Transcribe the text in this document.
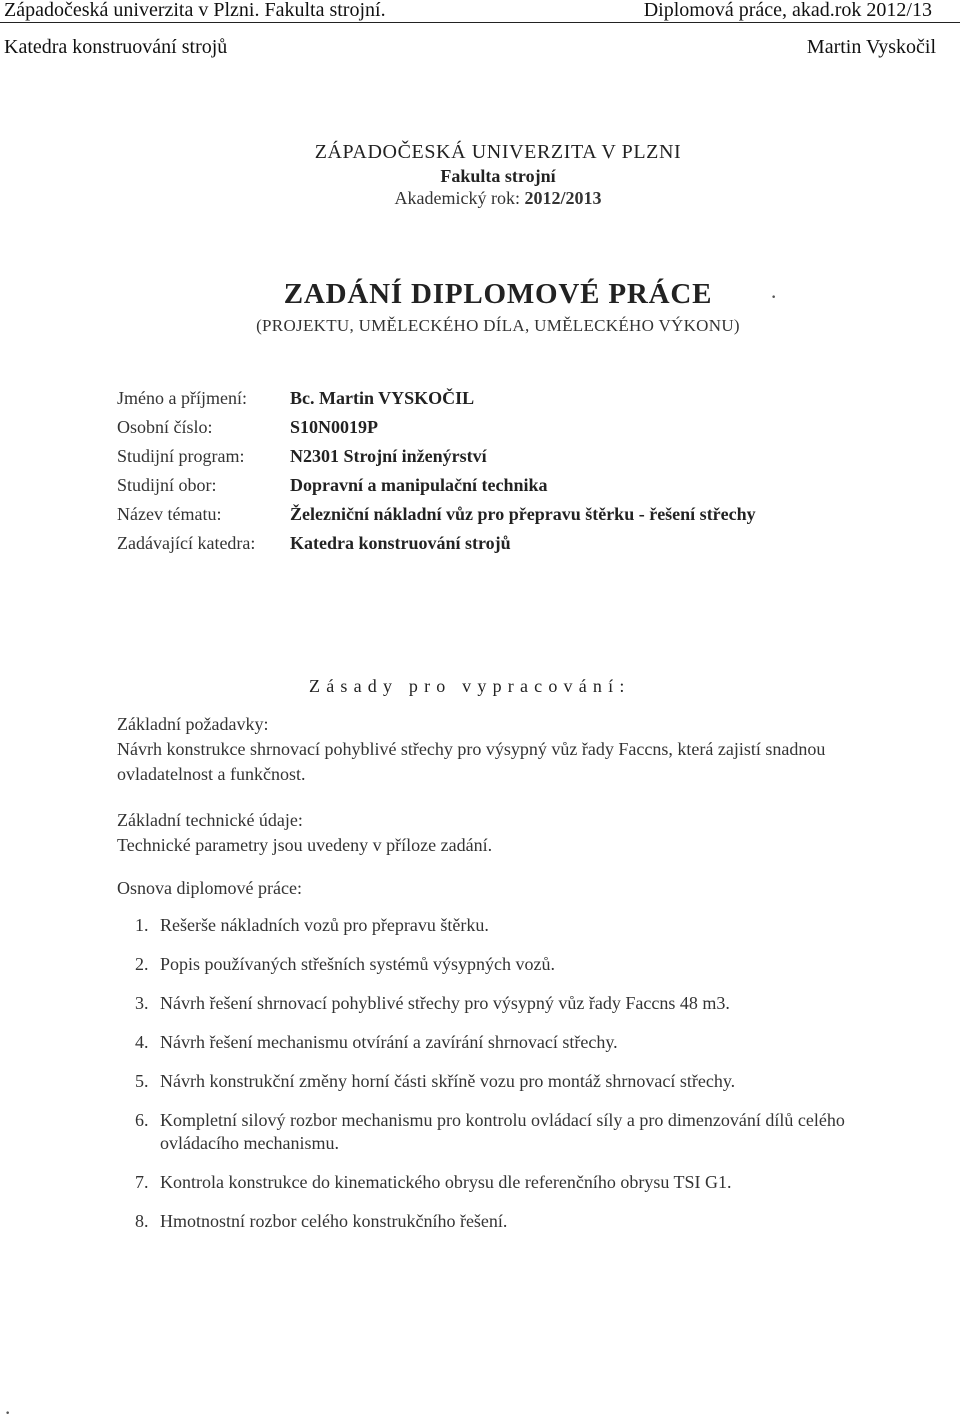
Západočeská univerzita v Plzni. Fakulta strojní.	Diplomová práce, akad.rok 2012/13
Katedra konstruování strojů	Martin Vyskočil
ZÁPADOČESKÁ UNIVERZITA V PLZNI
Fakulta strojní
Akademický rok: 2012/2013
ZADÁNÍ DIPLOMOVÉ PRÁCE
(PROJEKTU, UMĚLECKÉHO DÍLA, UMĚLECKÉHO VÝKONU)
Jméno a příjmení: Bc. Martin VYSKOČIL
Osobní číslo:	S10N0019P
Studijní program:	N2301 Strojní inženýrství
Studijní obor:	Dopravní a manipulační technika
Název tématu:	Železniční nákladní vůz pro přepravu štěrku - řešení střechy
Zadávající katedra: Katedra konstruování strojů
Zásady pro vypracování:
Základní požadavky:
Návrh konstrukce shrnovací pohyblivé střechy pro výsypný vůz řady Faccns, která zajistí snadnou ovladatelnost a funkčnost.
Základní technické údaje:
Technické parametry jsou uvedeny v příloze zadání.
Osnova diplomové práce:
1. Rešerše nákladních vozů pro přepravu štěrku.
2. Popis používaných střešních systémů výsypných vozů.
3. Návrh řešení shrnovací pohyblivé střechy pro výsypný vůz řady Faccns 48 m3.
4. Návrh řešení mechanismu otvírání a zavírání shrnovací střechy.
5. Návrh konstrukční změny horní části skříně vozu pro montáž shrnovací střechy.
6. Kompletní silový rozbor mechanismu pro kontrolu ovládací síly a pro dimenzování dílů celého ovládacího mechanismu.
7. Kontrola konstrukce do kinematického obrysu dle referenčního obrysu TSI G1.
8. Hmotnostní rozbor celého konstrukčního řešení.
·
·
